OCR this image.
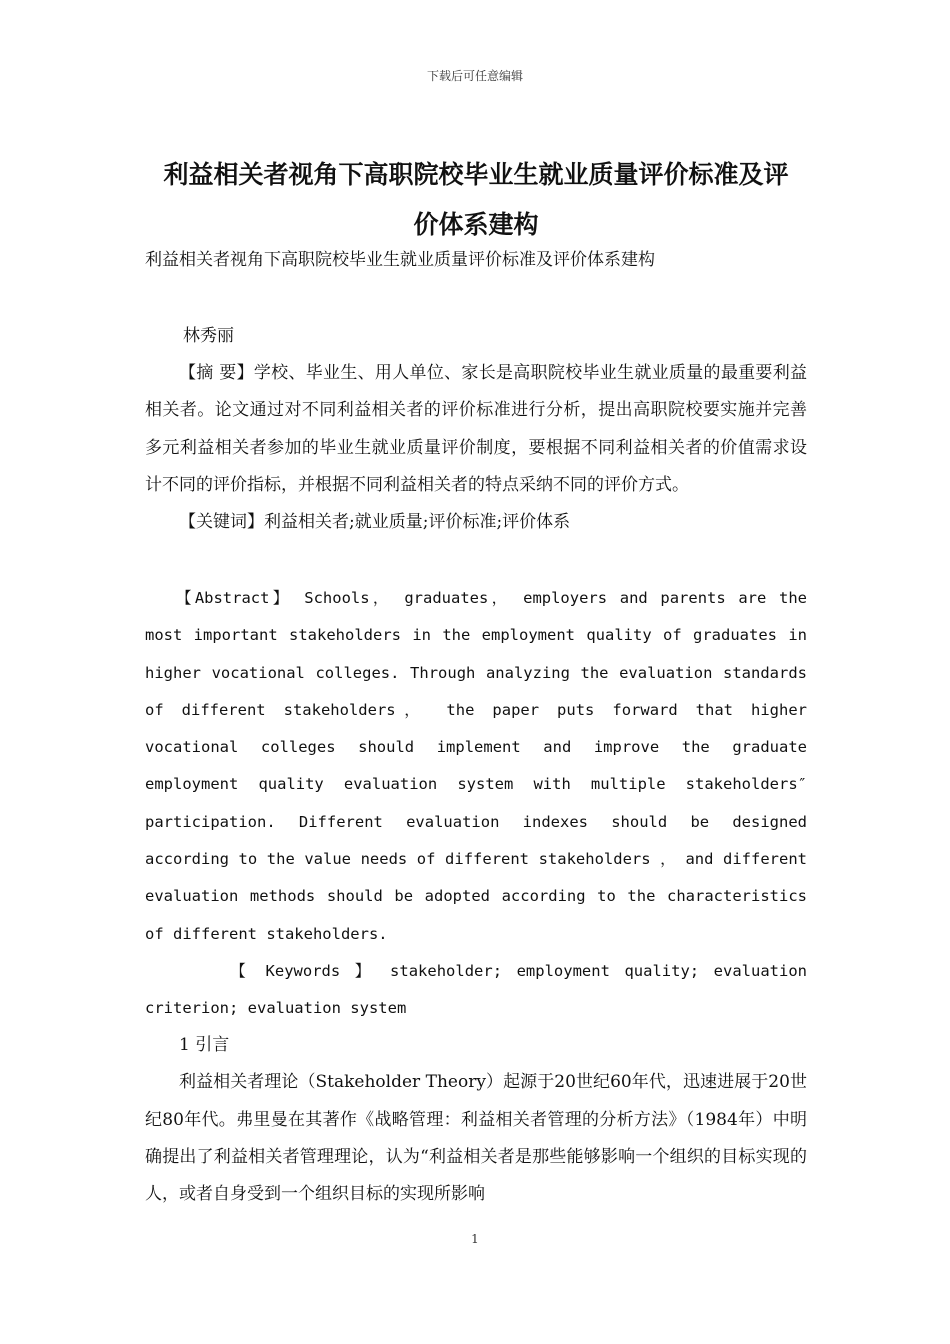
下载后可任意编辑
利益相关者视角下高职院校毕业生就业质量评价标准及评
价体系建构
利益相关者视角下高职院校毕业生就业质量评价标准及评价体系建构
林秀丽

【摘 要】学校、毕业生、用人单位、家长是高职院校毕业生就业质量的最重要利益相关者。论文通过对不同利益相关者的评价标准进行分析，提出高职院校要实施并完善多元利益相关者参加的毕业生就业质量评价制度，要根据不同利益相关者的价值需求设计不同的评价指标，并根据不同利益相关者的特点采纳不同的评价方式。

【关键词】利益相关者;就业质量;评价标准;评价体系

【Abstract】 Schools， graduates， employers and parents are the most important stakeholders in the employment quality of graduates in higher vocational colleges. Through analyzing the evaluation standards of different stakeholders， the paper puts forward that higher vocational colleges should implement and improve the graduate employment quality evaluation system with multiple stakeholders″ participation. Different evaluation indexes should be designed according to the value needs of different stakeholders ， and different evaluation methods should be adopted according to the characteristics of different stakeholders.

【 Keywords 】 stakeholder; employment quality; evaluation criterion; evaluation system

1 引言

利益相关者理论（Stakeholder Theory）起源于20世纪60年代，迅速进展于20世纪80年代。弗里曼在其著作《战略管理：利益相关者管理的分析方法》（1984年）中明确提出了利益相关者管理理论，认为“利益相关者是那些能够影响一个组织的目标实现的人，或者自身受到一个组织目标的实现所影响

1
